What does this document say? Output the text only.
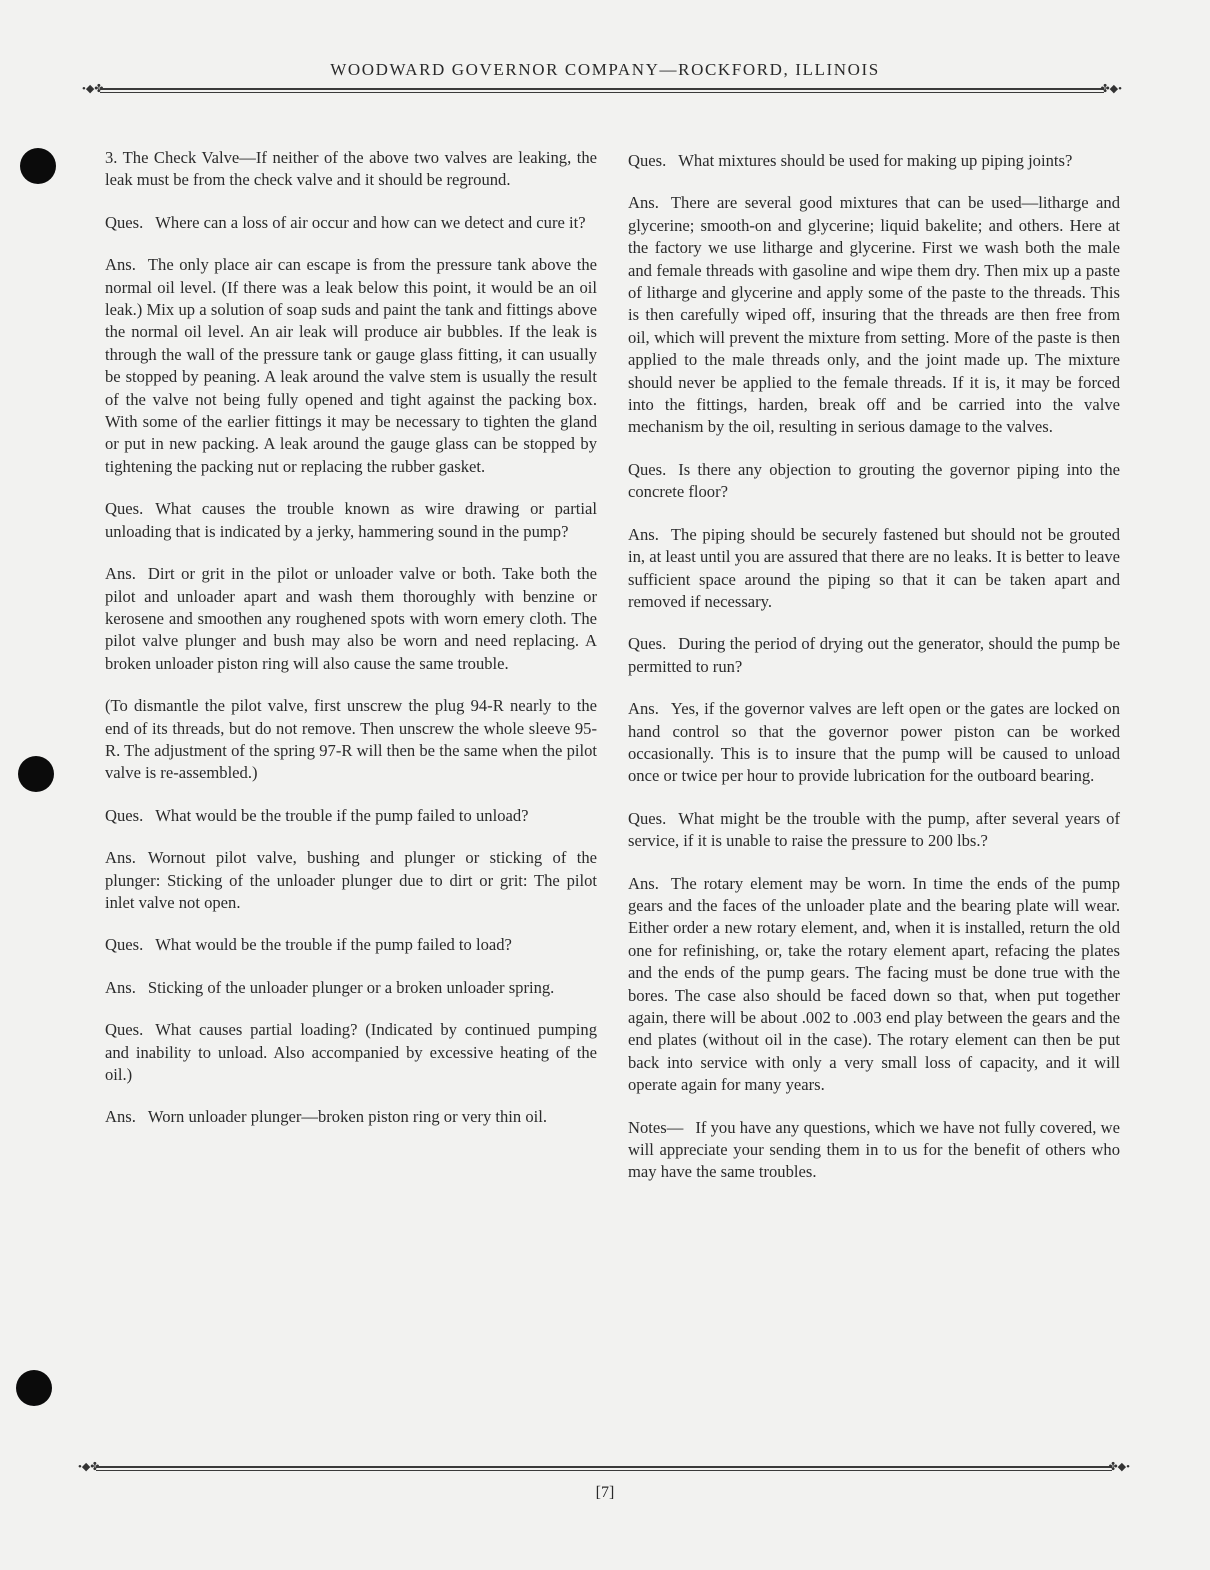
WOODWARD GOVERNOR COMPANY—ROCKFORD, ILLINOIS
•◆✤	✤◆•

3. The Check Valve—If neither of the above two valves are leaking, the leak must be from the check valve and it should be reground.

Ques. Where can a loss of air occur and how can we detect and cure it?

Ans. The only place air can escape is from the pressure tank above the normal oil level. (If there was a leak below this point, it would be an oil leak.) Mix up a solution of soap suds and paint the tank and fittings above the normal oil level. An air leak will produce air bubbles. If the leak is through the wall of the pressure tank or gauge glass fitting, it can usually be stopped by peaning. A leak around the valve stem is usually the result of the valve not being fully opened and tight against the packing box. With some of the earlier fittings it may be necessary to tighten the gland or put in new packing. A leak around the gauge glass can be stopped by tightening the packing nut or replacing the rubber gasket.

Ques. What causes the trouble known as wire drawing or partial unloading that is indicated by a jerky, hammering sound in the pump?

Ans. Dirt or grit in the pilot or unloader valve or both. Take both the pilot and unloader apart and wash them thoroughly with benzine or kerosene and smoothen any roughened spots with worn emery cloth. The pilot valve plunger and bush may also be worn and need replacing. A broken unloader piston ring will also cause the same trouble.

(To dismantle the pilot valve, first unscrew the plug 94-R nearly to the end of its threads, but do not remove. Then unscrew the whole sleeve 95-R. The adjustment of the spring 97-R will then be the same when the pilot valve is re-assembled.)

Ques. What would be the trouble if the pump failed to unload?

Ans. Wornout pilot valve, bushing and plunger or sticking of the plunger: Sticking of the unloader plunger due to dirt or grit: The pilot inlet valve not open.

Ques. What would be the trouble if the pump failed to load?

Ans. Sticking of the unloader plunger or a broken unloader spring.

Ques. What causes partial loading? (Indicated by continued pumping and inability to unload. Also accompanied by excessive heating of the oil.)

Ans. Worn unloader plunger—broken piston ring or very thin oil.

Ques. What mixtures should be used for making up piping joints?

Ans. There are several good mixtures that can be used—litharge and glycerine; smooth-on and glycerine; liquid bakelite; and others. Here at the factory we use litharge and glycerine. First we wash both the male and female threads with gasoline and wipe them dry. Then mix up a paste of litharge and glycerine and apply some of the paste to the threads. This is then carefully wiped off, insuring that the threads are then free from oil, which will prevent the mixture from setting. More of the paste is then applied to the male threads only, and the joint made up. The mixture should never be applied to the female threads. If it is, it may be forced into the fittings, harden, break off and be carried into the valve mechanism by the oil, resulting in serious damage to the valves.

Ques. Is there any objection to grouting the governor piping into the concrete floor?

Ans. The piping should be securely fastened but should not be grouted in, at least until you are assured that there are no leaks. It is better to leave sufficient space around the piping so that it can be taken apart and removed if necessary.

Ques. During the period of drying out the generator, should the pump be permitted to run?

Ans. Yes, if the governor valves are left open or the gates are locked on hand control so that the governor power piston can be worked occasionally. This is to insure that the pump will be caused to unload once or twice per hour to provide lubrication for the outboard bearing.

Ques. What might be the trouble with the pump, after several years of service, if it is unable to raise the pressure to 200 lbs.?

Ans. The rotary element may be worn. In time the ends of the pump gears and the faces of the unloader plate and the bearing plate will wear. Either order a new rotary element, and, when it is installed, return the old one for refinishing, or, take the rotary element apart, refacing the plates and the ends of the pump gears. The facing must be done true with the bores. The case also should be faced down so that, when put together again, there will be about .002 to .003 end play between the gears and the end plates (without oil in the case). The rotary element can then be put back into service with only a very small loss of capacity, and it will operate again for many years.

Notes— If you have any questions, which we have not fully covered, we will appreciate your sending them in to us for the benefit of others who may have the same troubles.

•◆✤	✤◆•
[7]
